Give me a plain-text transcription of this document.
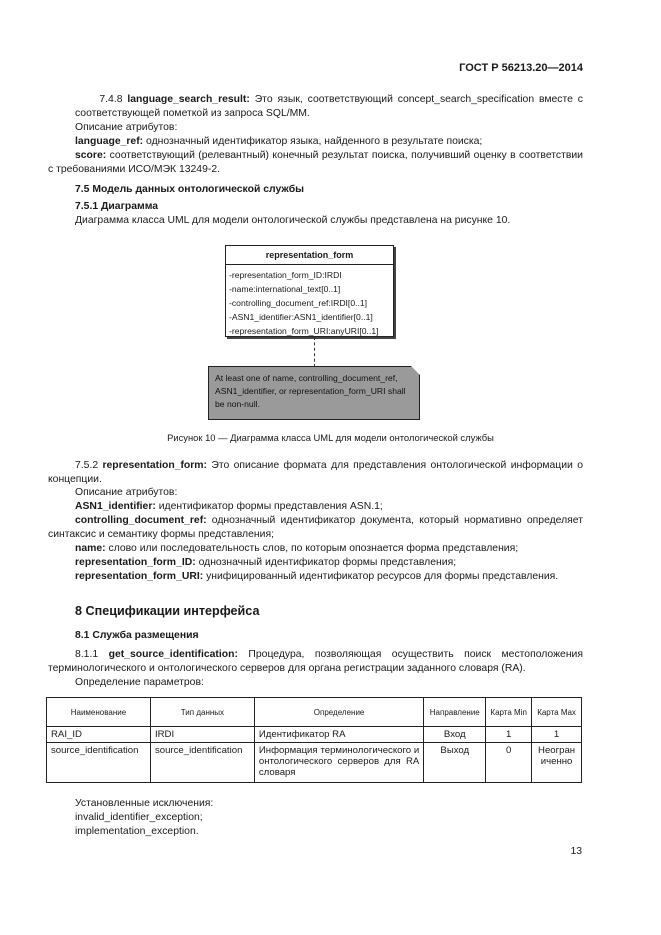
ГОСТ Р 56213.20—2014
7.4.8 language_search_result: Это язык, соответствующий concept_search_specification вместе с соответствующей пометкой из запроса SQL/MM.
Описание атрибутов:
language_ref: однозначный идентификатор языка, найденного в результате поиска;
score: соответствующий (релевантный) конечный результат поиска, получивший оценку в соответствии с требованиями ИСО/МЭК 13249-2.
7.5 Модель данных онтологической службы
7.5.1 Диаграмма
Диаграмма класса UML для модели онтологической службы представлена на рисунке 10.
representation_form
-representation_form_ID:IRDI
-name:international_text[0..1]
-controlling_document_ref:IRDI[0..1]
-ASN1_identifier:ASN1_identifier[0..1]
-representation_form_URI:anyURI[0..1]
At least one of name, controlling_document_ref, ASN1_identifier, or representation_form_URI shall be non-null.
Рисунок 10 — Диаграмма класса UML для модели онтологической службы
7.5.2 representation_form: Это описание формата для представления онтологической информации о концепции.
Описание атрибутов:
ASN1_identifier: идентификатор формы представления ASN.1;
controlling_document_ref: однозначный идентификатор документа, который нормативно определяет синтаксис и семантику формы представления;
name: слово или последовательность слов, по которым опознается форма представления;
representation_form_ID: однозначный идентификатор формы представления;
representation_form_URI: унифицированный идентификатор ресурсов для формы представления.
8 Спецификации интерфейса
8.1 Служба размещения
8.1.1 get_source_identification: Процедура, позволяющая осуществить поиск местоположения терминологического и онтологического серверов для органа регистрации заданного словаря (RA).
Определение параметров:
Наименование	Тип данных	Определение	Направление	Карта Min	Карта Max
RAI_ID	IRDI	Идентификатор RA	Вход	1	1
source_identification	source_identification	Информация терминологического и онтологического серверов для RA словаря	Выход	0	Неограниченно
Установленные исключения:
invalid_identifier_exception;
implementation_exception.
13
